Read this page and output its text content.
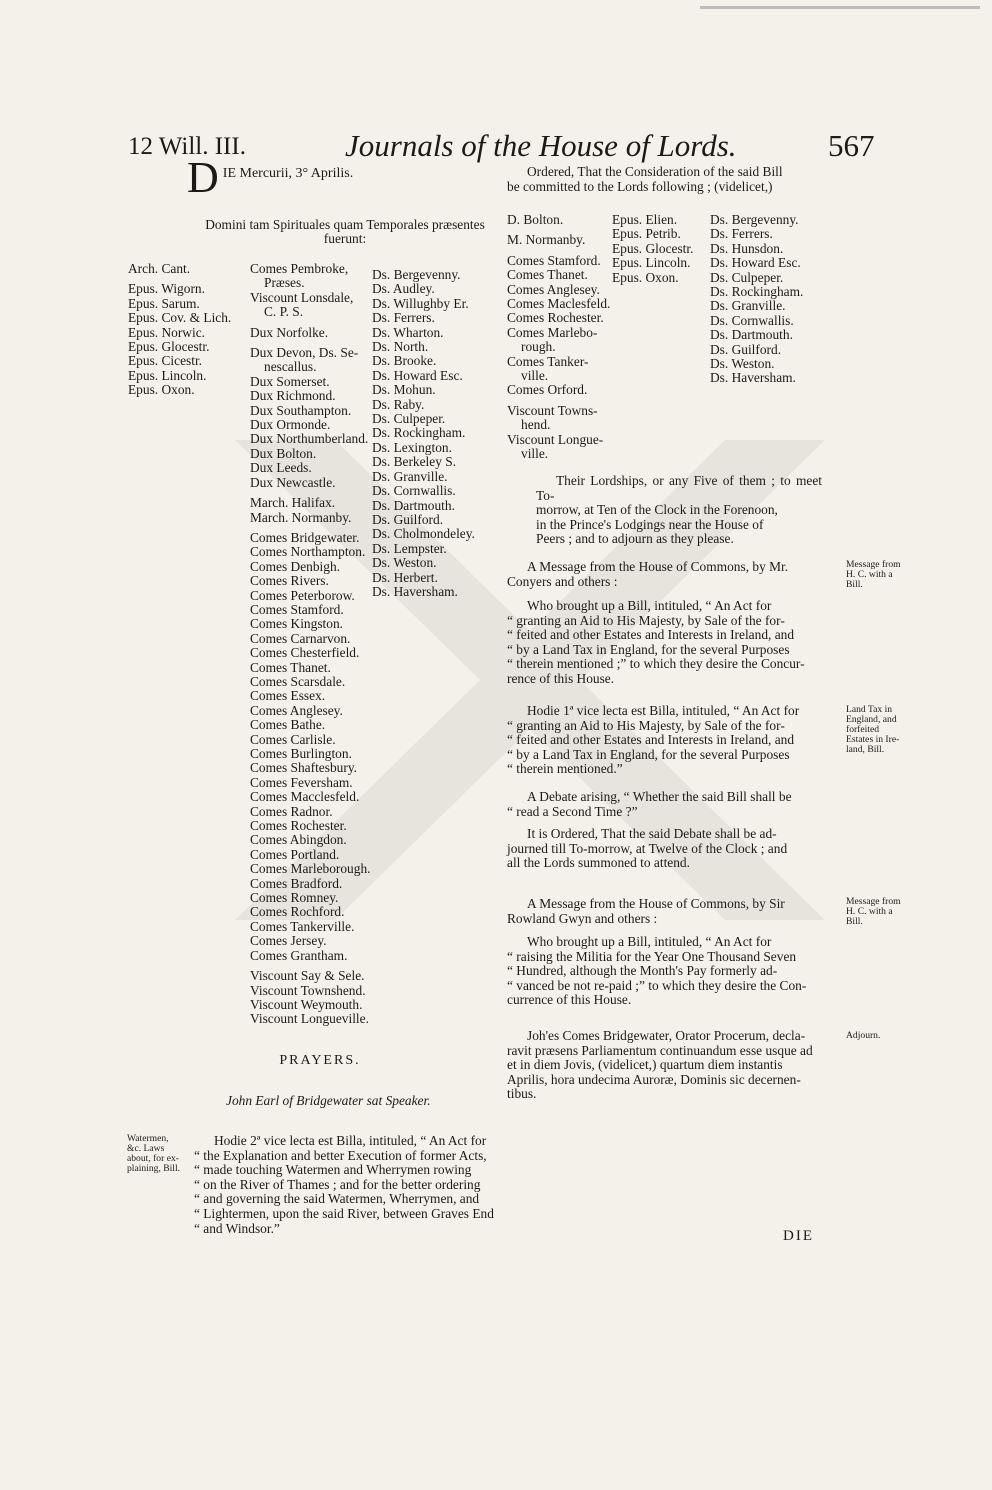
12 Will. III.	Journals of the House of Lords.	567
D IE Mercurii, 3° Aprilis.
Domini tam Spirituales quam Temporales præsentes
fuerunt:
Arch. Cant.
Epus. Wigorn.
Epus. Sarum.
Epus. Cov. & Lich.
Epus. Norwic.
Epus. Glocestr.
Epus. Cicestr.
Epus. Lincoln.
Epus. Oxon.
Comes Pembroke,
Præses.
Viscount Lonsdale,
C. P. S.
Dux Norfolke.
Dux Devon, Ds. Se-
nescallus.
Dux Somerset.
Dux Richmond.
Dux Southampton.
Dux Ormonde.
Dux Northumberland.
Dux Bolton.
Dux Leeds.
Dux Newcastle.
March. Halifax.
March. Normanby.
Comes Bridgewater.
Comes Northampton.
Comes Denbigh.
Comes Rivers.
Comes Peterborow.
Comes Stamford.
Comes Kingston.
Comes Carnarvon.
Comes Chesterfield.
Comes Thanet.
Comes Scarsdale.
Comes Essex.
Comes Anglesey.
Comes Bathe.
Comes Carlisle.
Comes Burlington.
Comes Shaftesbury.
Comes Feversham.
Comes Macclesfeld.
Comes Radnor.
Comes Rochester.
Comes Abingdon.
Comes Portland.
Comes Marleborough.
Comes Bradford.
Comes Romney.
Comes Rochford.
Comes Tankerville.
Comes Jersey.
Comes Grantham.
Viscount Say & Sele.
Viscount Townshend.
Viscount Weymouth.
Viscount Longueville.
Ds. Bergevenny.
Ds. Audley.
Ds. Willughby Er.
Ds. Ferrers.
Ds. Wharton.
Ds. North.
Ds. Brooke.
Ds. Howard Esc.
Ds. Mohun.
Ds. Raby.
Ds. Culpeper.
Ds. Rockingham.
Ds. Lexington.
Ds. Berkeley S.
Ds. Granville.
Ds. Cornwallis.
Ds. Dartmouth.
Ds. Guilford.
Ds. Cholmondeley.
Ds. Lempster.
Ds. Weston.
Ds. Herbert.
Ds. Haversham.
PRAYERS.
John Earl of Bridgewater sat Speaker.
Watermen,
&c. Laws
about, for ex-
plaining, Bill.
Hodie 2ª vice lecta est Billa, intituled, “ An Act for
“ the Explanation and better Execution of former Acts,
“ made touching Watermen and Wherrymen rowing
“ on the River of Thames ; and for the better ordering
“ and governing the said Watermen, Wherrymen, and
“ Lightermen, upon the said River, between Graves End
“ and Windsor.”
Ordered, That the Consideration of the said Bill
be committed to the Lords following ; (videlicet,)
D. Bolton.
M. Normanby.
Comes Stamford.
Comes Thanet.
Comes Anglesey.
Comes Maclesfeld.
Comes Rochester.
Comes Marlebo-
rough.
Comes Tanker-
ville.
Comes Orford.
Viscount Towns-
hend.
Viscount Longue-
ville.
Epus. Elien.
Epus. Petrib.
Epus. Glocestr.
Epus. Lincoln.
Epus. Oxon.
Ds. Bergevenny.
Ds. Ferrers.
Ds. Hunsdon.
Ds. Howard Esc.
Ds. Culpeper.
Ds. Rockingham.
Ds. Granville.
Ds. Cornwallis.
Ds. Dartmouth.
Ds. Guilford.
Ds. Weston.
Ds. Haversham.
Their Lordships, or any Five of them ; to meet To-
morrow, at Ten of the Clock in the Forenoon,
in the Prince's Lodgings near the House of
Peers ; and to adjourn as they please.
A Message from the House of Commons, by Mr.
Conyers and others :
Message from
H. C. with a
Bill.
Who brought up a Bill, intituled, “ An Act for
“ granting an Aid to His Majesty, by Sale of the for-
“ feited and other Estates and Interests in Ireland, and
“ by a Land Tax in England, for the several Purposes
“ therein mentioned ;” to which they desire the Concur-
rence of this House.
Land Tax in
England, and
forfeited
Estates in Ire-
land, Bill.
Hodie 1ª vice lecta est Billa, intituled, “ An Act for
“ granting an Aid to His Majesty, by Sale of the for-
“ feited and other Estates and Interests in Ireland, and
“ by a Land Tax in England, for the several Purposes
“ therein mentioned.”
A Debate arising, “ Whether the said Bill shall be
“ read a Second Time ?”
It is Ordered, That the said Debate shall be ad-
journed till To-morrow, at Twelve of the Clock ; and
all the Lords summoned to attend.
A Message from the House of Commons, by Sir
Rowland Gwyn and others :
Message from
H. C. with a
Bill.
Who brought up a Bill, intituled, “ An Act for
“ raising the Militia for the Year One Thousand Seven
“ Hundred, although the Month's Pay formerly ad-
“ vanced be not re-paid ;” to which they desire the Con-
currence of this House.
Joh'es Comes Bridgewater, Orator Procerum, decla-
ravit præsens Parliamentum continuandum esse usque ad
et in diem Jovis, (videlicet,) quartum diem instantis
Aprilis, hora undecima Auroræ, Dominis sic decernen-
tibus.
Adjourn.
DIE
